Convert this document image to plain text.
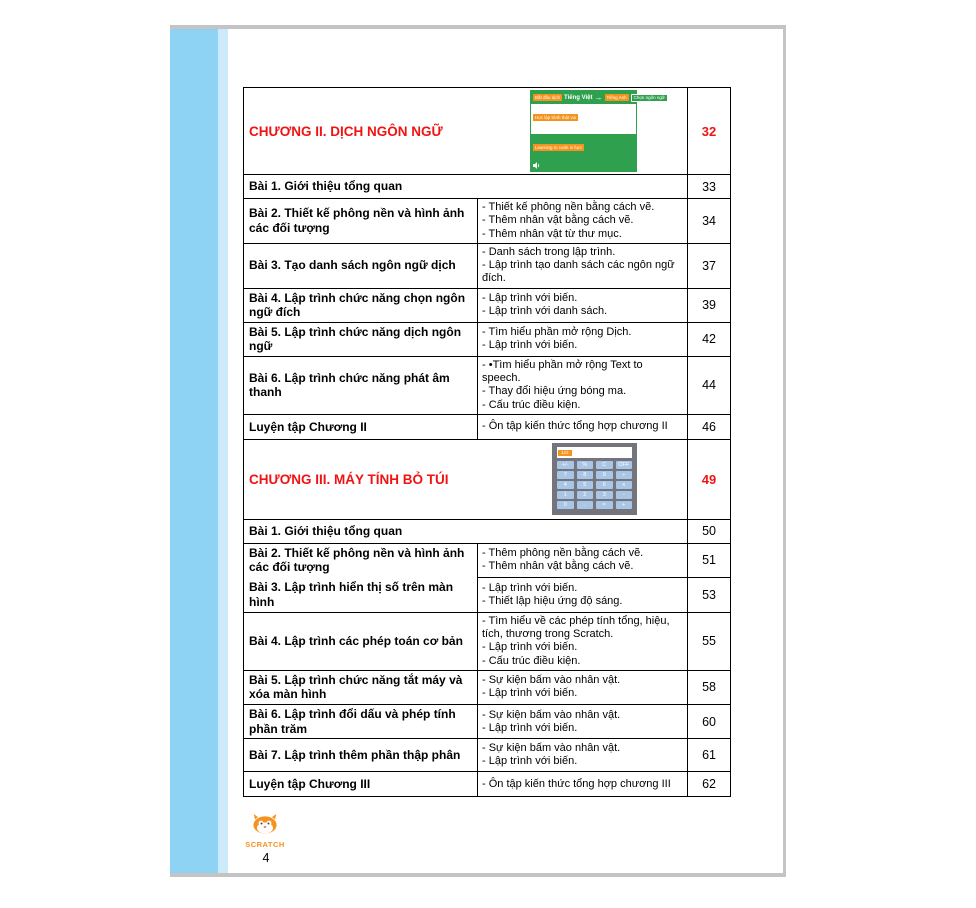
CHƯƠNG II. DỊCH NGÔN NGỮ
Bắt đầu dịch Tiếng Việt → Tiếng Anh	Chọn ngôn ngữ
Học lập trình thật vui
Learning to code is fun!
	32
Bài 1. Giới thiệu tổng quan		33
Bài 2. Thiết kế phông nền và hình ảnh các đối tượng	- Thiết kế phông nền bằng cách vẽ.
- Thêm nhân vật bằng cách vẽ.
- Thêm nhân vật từ thư mục.	34
Bài 3. Tạo danh sách ngôn ngữ dịch	- Danh sách trong lập trình.
- Lập trình tạo danh sách các ngôn ngữ đích.	37
Bài 4. Lập trình chức năng chọn ngôn ngữ đích	- Lập trình với biến.
- Lập trình với danh sách.	39
Bài 5. Lập trình chức năng dịch ngôn ngữ	- Tìm hiểu phần mở rộng Dịch.
- Lập trình với biến.	42
Bài 6. Lập trình chức năng phát âm thanh	- •Tìm hiểu phần mở rộng Text to speech.
- Thay đổi hiệu ứng bóng ma.
- Cấu trúc điều kiện.	44
Luyện tập Chương II	- Ôn tập kiến thức tổng hợp chương II	46

CHƯƠNG III. MÁY TÍNH BỎ TÚI
123
+/-	%	C	OFF
7	8	9	÷
4	5	6	x
1	2	3	-
0	.	=	+
	49
Bài 1. Giới thiệu tổng quan		50
Bài 2. Thiết kế phông nền và hình ảnh các đối tượng	- Thêm phông nền bằng cách vẽ.
- Thêm nhân vật bằng cách vẽ.	51
Bài 3. Lập trình hiển thị số trên màn hình	- Lập trình với biến.
- Thiết lập hiệu ứng độ sáng.	53
Bài 4. Lập trình các phép toán cơ bản	- Tìm hiểu về các phép tính tổng, hiệu, tích, thương trong Scratch.
- Lập trình với biến.
- Cấu trúc điều kiện.	55
Bài 5. Lập trình chức năng tắt máy và xóa màn hình	- Sự kiện bấm vào nhân vật.
- Lập trình với biến.	58
Bài 6. Lập trình đổi dấu và phép tính phần trăm	- Sự kiện bấm vào nhân vật.
- Lập trình với biến.	60
Bài 7. Lập trình thêm phần thập phân	- Sự kiện bấm vào nhân vật.
- Lập trình với biến.	61
Luyện tập Chương III	- Ôn tập kiến thức tổng hợp chương III	62
SCRATCH
4
